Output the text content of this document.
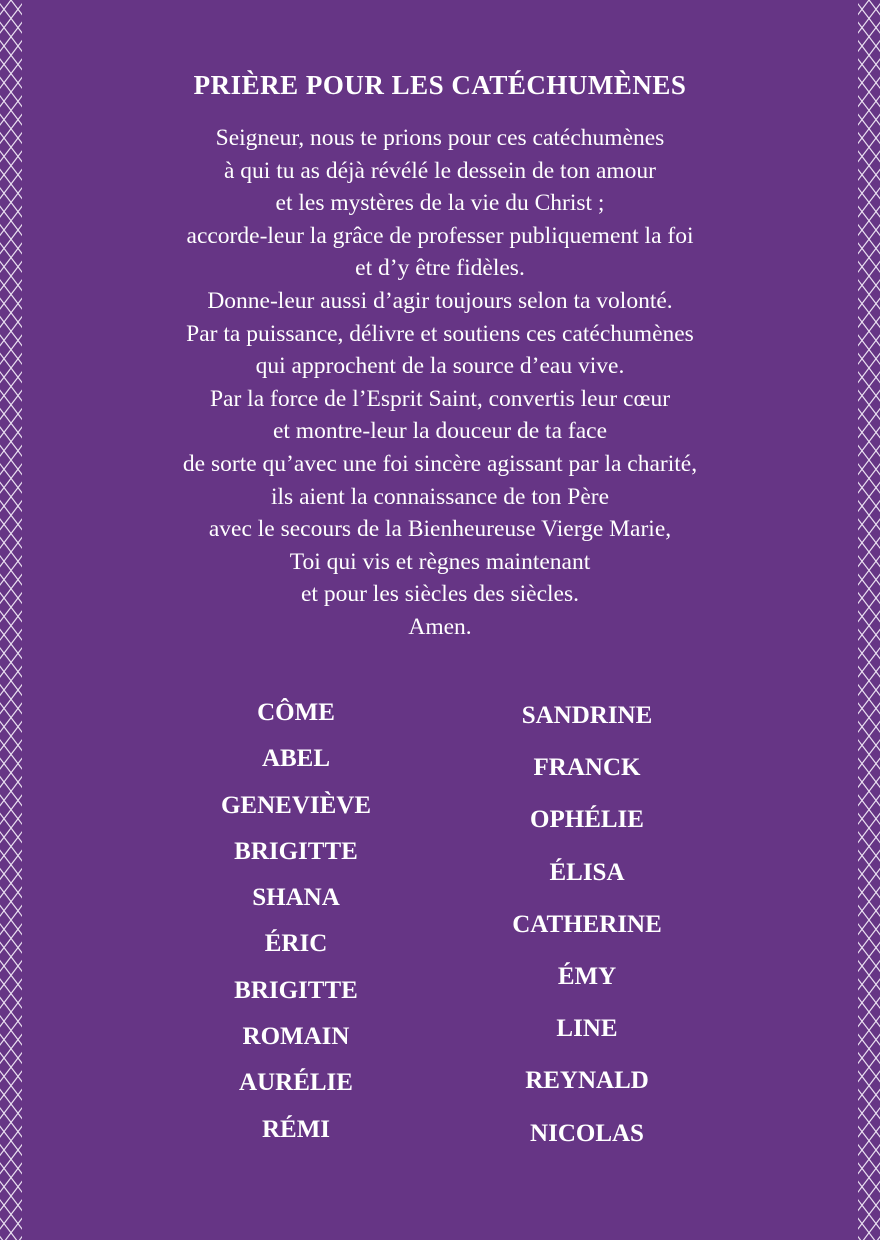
PRIÈRE POUR LES CATÉCHUMÈNES
Seigneur, nous te prions pour ces catéchumènes
à qui tu as déjà révélé le dessein de ton amour
et les mystères de la vie du Christ ;
accorde-leur la grâce de professer publiquement la foi
et d’y être fidèles.
Donne-leur aussi d’agir toujours selon ta volonté.
Par ta puissance, délivre et soutiens ces catéchumènes
qui approchent de la source d’eau vive.
Par la force de l’Esprit Saint, convertis leur cœur
et montre-leur la douceur de ta face
de sorte qu’avec une foi sincère agissant par la charité,
ils aient la connaissance de ton Père
avec le secours de la Bienheureuse Vierge Marie,
Toi qui vis et règnes maintenant
et pour les siècles des siècles.
Amen.
CÔME
ABEL
GENEVIÈVE
BRIGITTE
SHANA
ÉRIC
BRIGITTE
ROMAIN
AURÉLIE
RÉMI
SANDRINE
FRANCK
OPHÉLIE
ÉLISA
CATHERINE
ÉMY
LINE
REYNALD
NICOLAS
